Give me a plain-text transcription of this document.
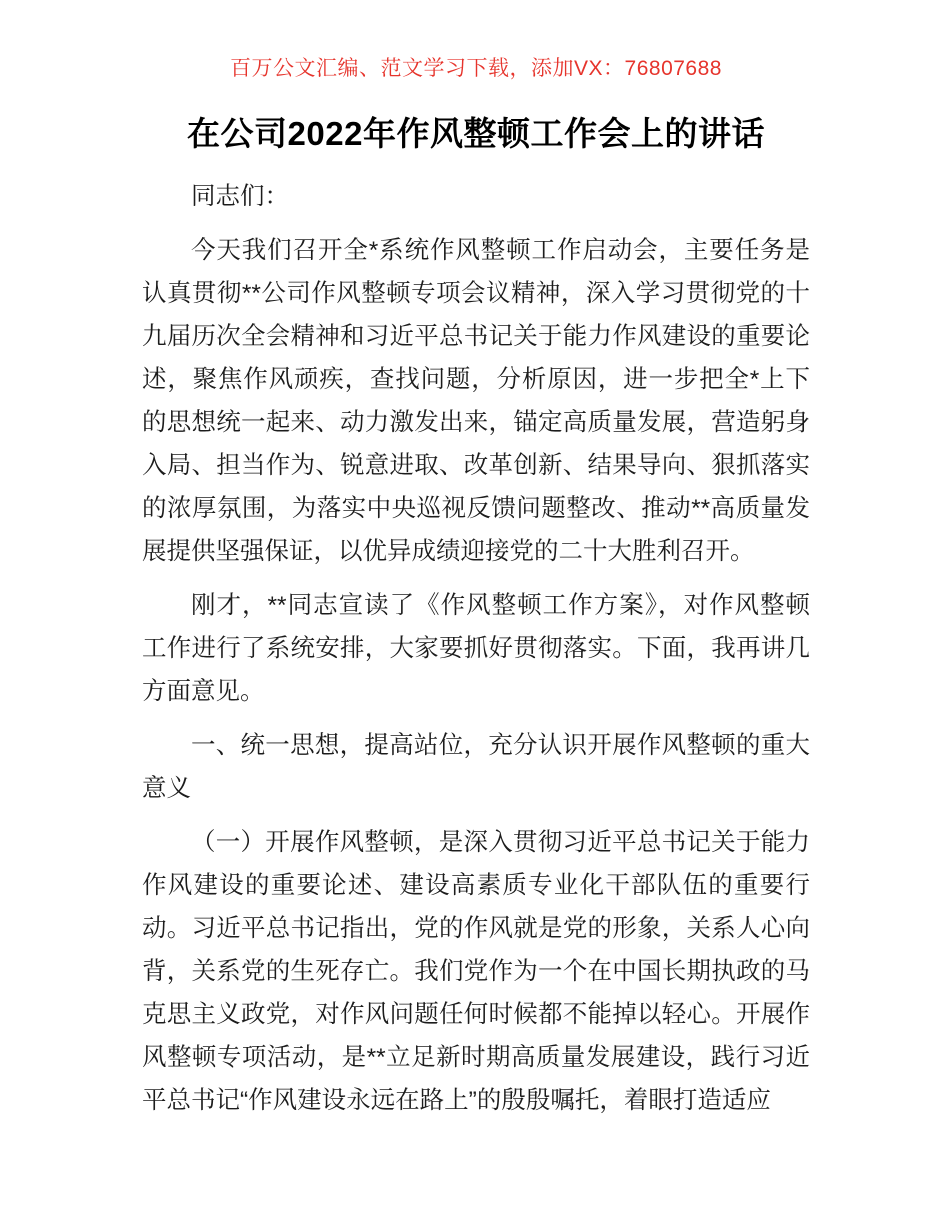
百万公文汇编、范文学习下载，添加VX：76807688
在公司2022年作风整顿工作会上的讲话

同志们：

今天我们召开全*系统作风整顿工作启动会，主要任务是认真贯彻**公司作风整顿专项会议精神，深入学习贯彻党的十九届历次全会精神和习近平总书记关于能力作风建设的重要论述，聚焦作风顽疾，查找问题，分析原因，进一步把全*上下的思想统一起来、动力激发出来，锚定高质量发展，营造躬身入局、担当作为、锐意进取、改革创新、结果导向、狠抓落实的浓厚氛围，为落实中央巡视反馈问题整改、推动**高质量发展提供坚强保证，以优异成绩迎接党的二十大胜利召开。

刚才，**同志宣读了《作风整顿工作方案》，对作风整顿工作进行了系统安排，大家要抓好贯彻落实。下面，我再讲几方面意见。

一、统一思想，提高站位，充分认识开展作风整顿的重大意义

（一）开展作风整顿，是深入贯彻习近平总书记关于能力作风建设的重要论述、建设高素质专业化干部队伍的重要行动。习近平总书记指出，党的作风就是党的形象，关系人心向背，关系党的生死存亡。我们党作为一个在中国长期执政的马克思主义政党，对作风问题任何时候都不能掉以轻心。开展作风整顿专项活动，是**立足新时期高质量发展建设，践行习近平总书记“作风建设永远在路上”的殷殷嘱托，着眼打造适应
